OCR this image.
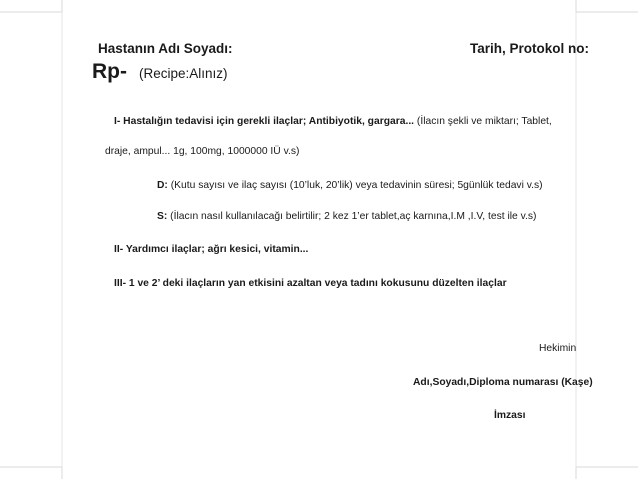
Hastanın Adı Soyadı:	Tarih, Protokol no:
Rp- (Recipe:Alınız)
I- Hastalığın tedavisi için gerekli ilaçlar; Antibiyotik, gargara... (İlacın şekli ve miktarı; Tablet,
draje, ampul... 1g, 100mg, 1000000 IÜ v.s)
D: (Kutu sayısı ve ilaç sayısı (10’luk, 20’lik) veya tedavinin süresi; 5günlük tedavi v.s)
S: (İlacın nasıl kullanılacağı belirtilir; 2 kez 1’er tablet,aç karnına,I.M ,I.V, test ile v.s)
II- Yardımcı ilaçlar; ağrı kesici, vitamin...
III- 1 ve 2’ deki ilaçların yan etkisini azaltan veya tadını kokusunu düzelten ilaçlar
Hekimin
Adı,Soyadı,Diploma numarası (Kaşe)
İmzası
